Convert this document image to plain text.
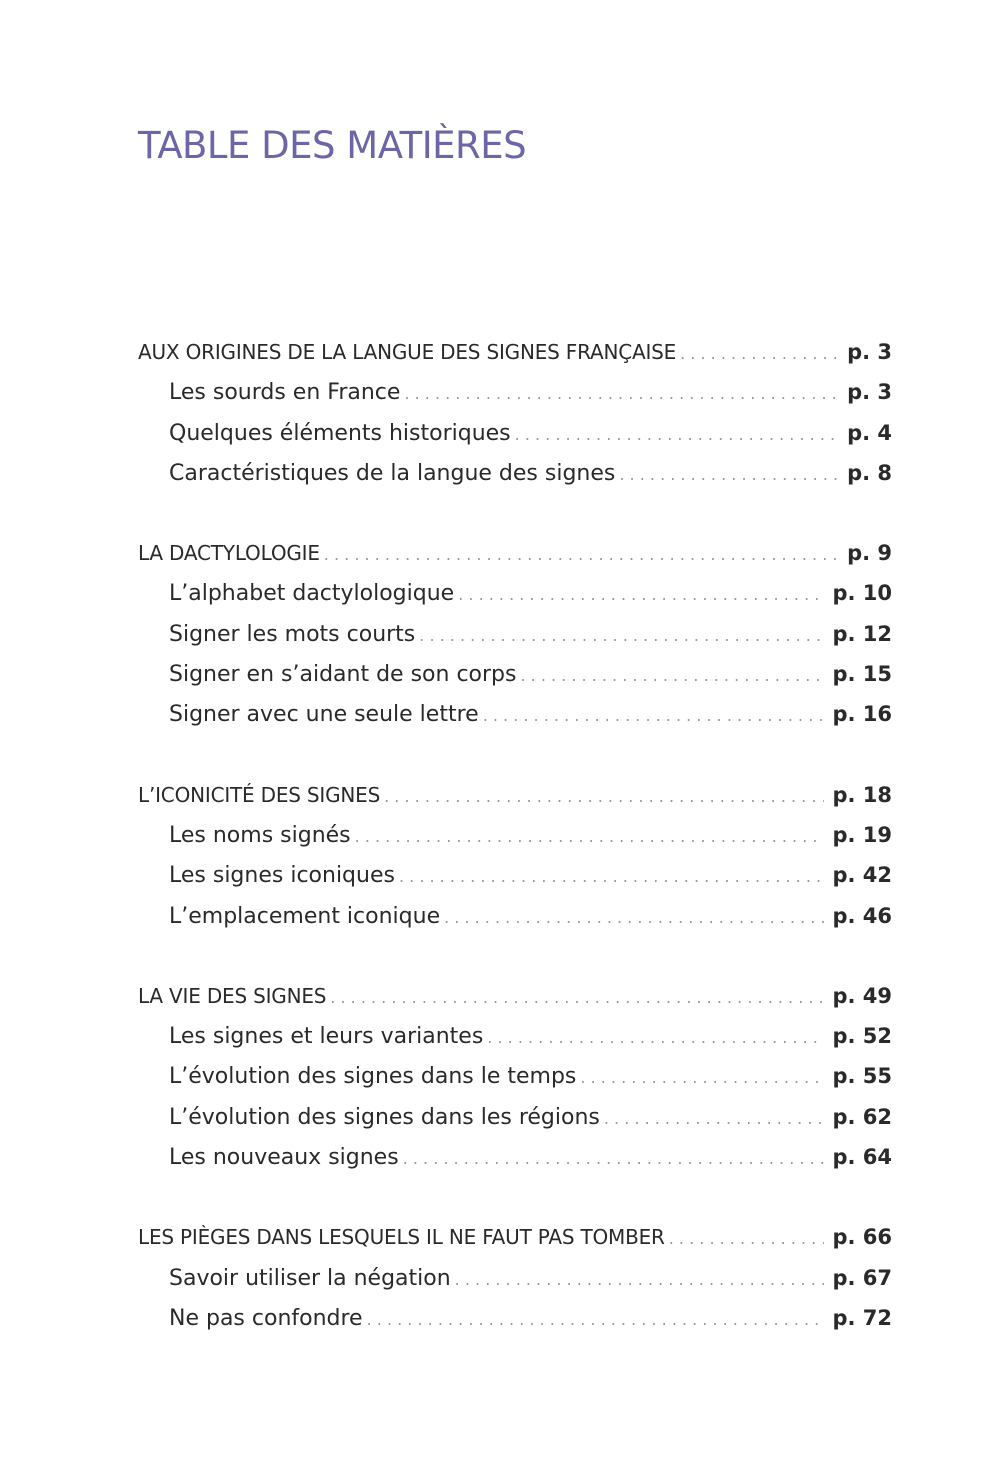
TABLE DES MATIÈRES
AUX ORIGINES DE LA LANGUE DES SIGNES FRANÇAISE . . .	p. 3
Les sourds en France . . .	p. 3
Quelques éléments historiques . . .	p. 4
Caractéristiques de la langue des signes . . .	p. 8
LA DACTYLOLOGIE . . .	p. 9
L’alphabet dactylologique . . .	p. 10
Signer les mots courts . . .	p. 12
Signer en s’aidant de son corps . . .	p. 15
Signer avec une seule lettre . . .	p. 16
L’ICONICITÉ DES SIGNES . . .	p. 18
Les noms signés . . .	p. 19
Les signes iconiques . . .	p. 42
L’emplacement iconique . . .	p. 46
LA VIE DES SIGNES . . .	p. 49
Les signes et leurs variantes . . .	p. 52
L’évolution des signes dans le temps . . .	p. 55
L’évolution des signes dans les régions . . .	p. 62
Les nouveaux signes . . .	p. 64
LES PIÈGES DANS LESQUELS IL NE FAUT PAS TOMBER . . .	p. 66
Savoir utiliser la négation . . .	p. 67
Ne pas confondre . . .	p. 72
